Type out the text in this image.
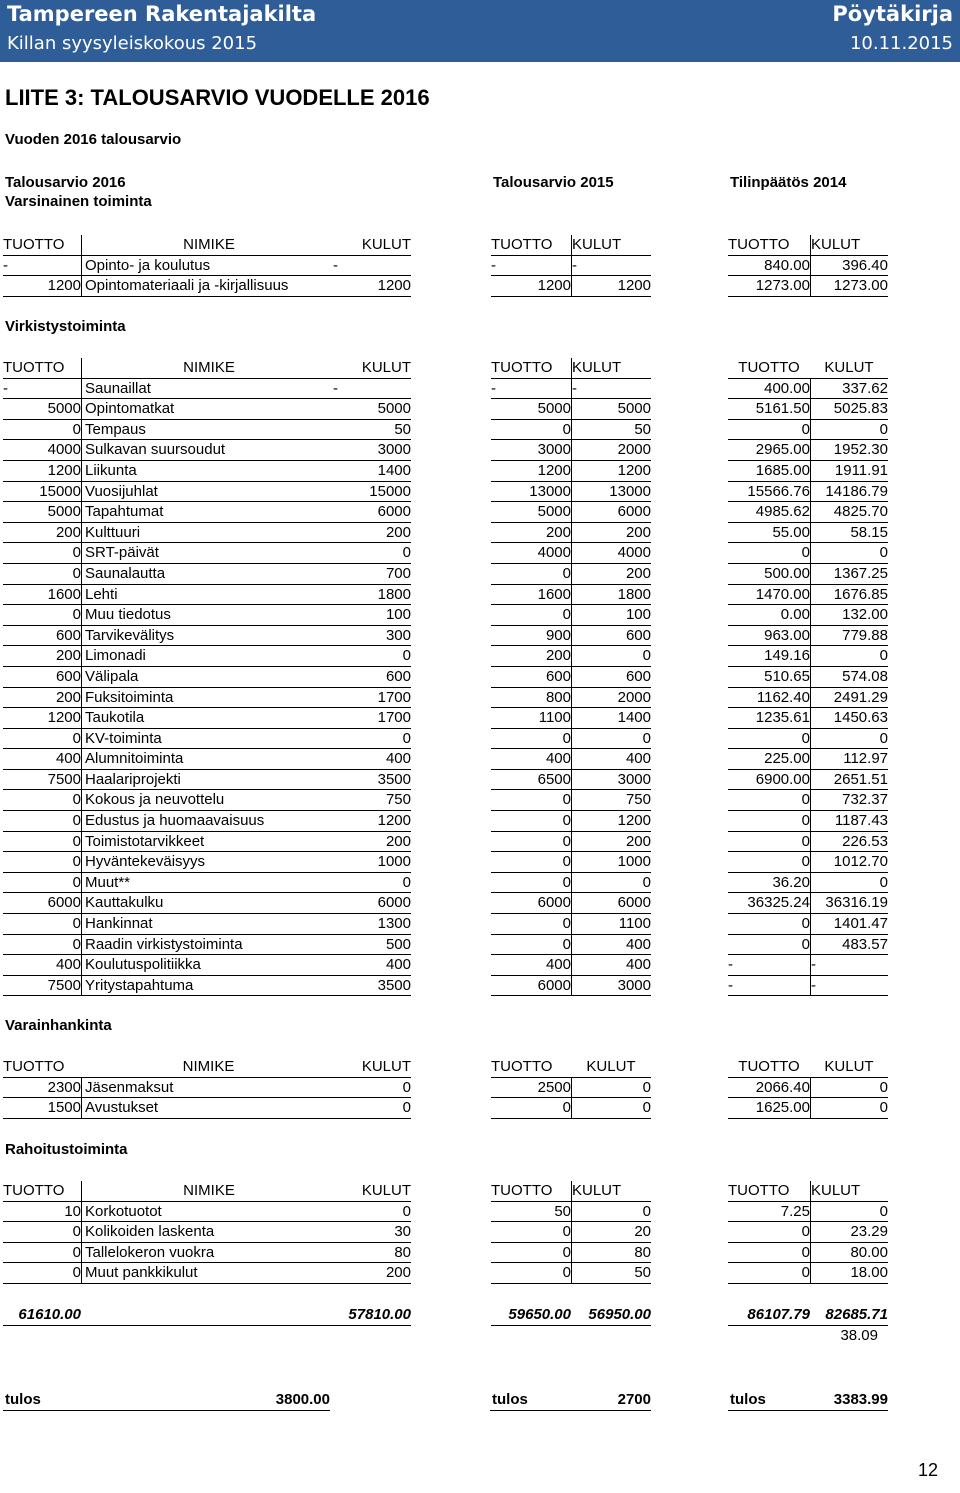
Tampereen Rakentajakilta	Pöytäkirja
Killan syysyleiskokous 2015	10.11.2015
LIITE 3: TALOUSARVIO VUODELLE 2016
Vuoden 2016 talousarvio
Talousarvio 2016	Talousarvio 2015	Tilinpäätös 2014
Varsinainen toiminta
TUOTTO	NIMIKE	KULUT	TUOTTO	KULUT	TUOTTO	KULUT
-	Opinto- ja koulutus	-	-	-	840.00	396.40
1200 Opintomateriaali ja -kirjallisuus	1200	1200	1200	1273.00	1273.00
Virkistystoiminta
TUOTTO	NIMIKE	KULUT	TUOTTO	KULUT	TUOTTO	KULUT
-	Saunaillat	-	-	-	400.00	337.62
5000 Opintomatkat	5000	5000	5000	5161.50	5025.83
0 Tempaus	50	0	50	0	0
4000 Sulkavan suursoudut	3000	3000	2000	2965.00	1952.30
1200 Liikunta	1400	1200	1200	1685.00	1911.91
15000 Vuosijuhlat	15000	13000	13000	15566.76	14186.79
5000 Tapahtumat	6000	5000	6000	4985.62	4825.70
200 Kulttuuri	200	200	200	55.00	58.15
0 SRT-päivät	0	4000	4000	0	0
0 Saunalautta	700	0	200	500.00	1367.25
1600 Lehti	1800	1600	1800	1470.00	1676.85
0 Muu tiedotus	100	0	100	0.00	132.00
600 Tarvikevälitys	300	900	600	963.00	779.88
200 Limonadi	0	200	0	149.16	0
600 Välipala	600	600	600	510.65	574.08
200 Fuksitoiminta	1700	800	2000	1162.40	2491.29
1200 Taukotila	1700	1100	1400	1235.61	1450.63
0 KV-toiminta	0	0	0	0	0
400 Alumnitoiminta	400	400	400	225.00	112.97
7500 Haalariprojekti	3500	6500	3000	6900.00	2651.51
0 Kokous ja neuvottelu	750	0	750	0	732.37
0 Edustus ja huomaavaisuus	1200	0	1200	0	1187.43
0 Toimistotarvikkeet	200	0	200	0	226.53
0 Hyväntekeväisyys	1000	0	1000	0	1012.70
0 Muut**	0	0	0	36.20	0
6000 Kauttakulku	6000	6000	6000	36325.24	36316.19
0 Hankinnat	1300	0	1100	0	1401.47
0 Raadin virkistystoiminta	500	0	400	0	483.57
400 Koulutuspolitiikka	400	400	400	-	-
7500 Yritystapahtuma	3500	6000	3000	-	-
Varainhankinta
TUOTTO	NIMIKE	KULUT	TUOTTO	KULUT	TUOTTO	KULUT
2300 Jäsenmaksut	0	2500	0	2066.40	0
1500 Avustukset	0	0	0	1625.00	0
Rahoitustoiminta
TUOTTO	NIMIKE	KULUT	TUOTTO	KULUT	TUOTTO	KULUT
10 Korkotuotot	0	50	0	7.25	0
0 Kolikoiden laskenta	30	0	20	0	23.29
0 Tallelokeron vuokra	80	0	80	0	80.00
0 Muut pankkikulut	200	0	50	0	18.00
61610.00	57810.00	59650.00	56950.00	86107.79	82685.71
38.09
tulos	3800.00	tulos	2700	tulos	3383.99
12
